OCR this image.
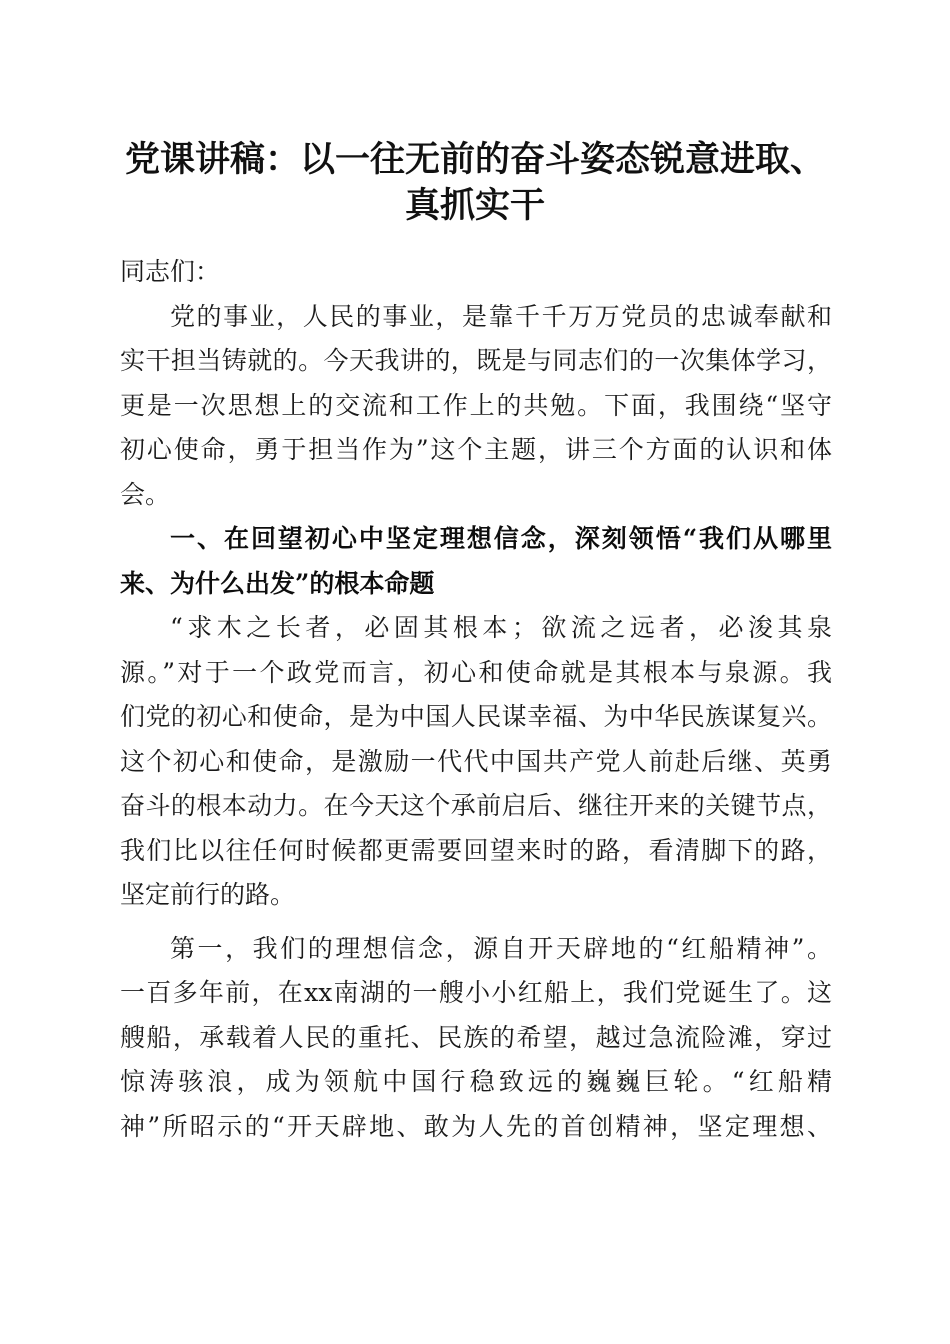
党课讲稿：以一往无前的奋斗姿态锐意进取、
真抓实干
同志们：
党的事业，人民的事业，是靠千千万万党员的忠诚奉献和
实干担当铸就的。今天我讲的，既是与同志们的一次集体学习，
更是一次思想上的交流和工作上的共勉。下面，我围绕“坚守
初心使命，勇于担当作为”这个主题，讲三个方面的认识和体
会。
一、在回望初心中坚定理想信念，深刻领悟“我们从哪里
来、为什么出发”的根本命题
“求木之长者，必固其根本；欲流之远者，必浚其泉
源。”对于一个政党而言，初心和使命就是其根本与泉源。我
们党的初心和使命，是为中国人民谋幸福、为中华民族谋复兴。
这个初心和使命，是激励一代代中国共产党人前赴后继、英勇
奋斗的根本动力。在今天这个承前启后、继往开来的关键节点，
我们比以往任何时候都更需要回望来时的路，看清脚下的路，
坚定前行的路。
第一，我们的理想信念，源自开天辟地的“红船精神”。
一百多年前，在xx南湖的一艘小小红船上，我们党诞生了。这
艘船，承载着人民的重托、民族的希望，越过急流险滩，穿过
惊涛骇浪，成为领航中国行稳致远的巍巍巨轮。“红船精
神”所昭示的“开天辟地、敢为人先的首创精神，坚定理想、
